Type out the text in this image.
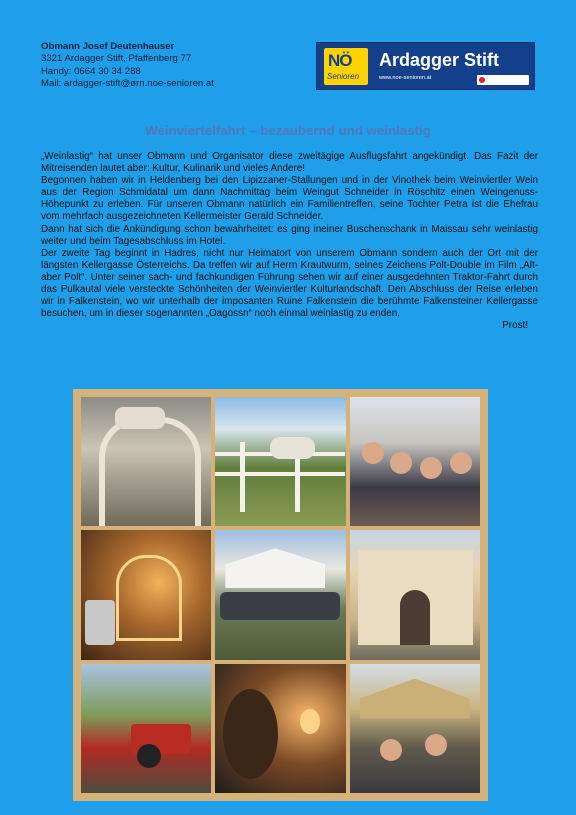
Obmann Josef Deutenhauser
3321 Ardagger Stift, Pfaffenberg 77
Handy: 0664 30 34 288
Mail: ardagger-stift@ørn.noe-senioren.at
NÖ
Senioren
Ardagger Stift
www.noe-senioren.at
Weinviertelfahrt – bezaubernd und weinlastig

„Weinlastig“ hat unser Obmann und Organisator diese zweitägige Ausflugsfahrt angekündigt. Das Fazit der Mitreisenden lautet aber: Kultur, Kulinarik und vieles Andere!

Begonnen haben wir in Heldenberg bei den Lipizzaner-Stallungen und in der Vinothek beim Weinviertler Wein aus der Region Schmidatal um dann Nachmittag beim Weingut Schneider in Röschitz einen Weingenuss-Höhepunkt zu erleben. Für unseren Obmann natürlich ein Familientreffen, seine Tochter Petra ist die Ehefrau vom mehrfach ausgezeichneten Kellermeister Gerald Schneider.

Dann hat sich die Ankündigung schon bewahrheitet: es ging ineiner Buschenschank in Maissau sehr weinlastig weiter und beim Tagesabschluss im Hotel.

Der zweite Tag beginnt in Hadres, nicht nur Heimatort von unserem Obmann sondern auch der Ort mit der längsten Kellergasse Österreichs. Da treffen wir auf Herrn Krautwurm, seines Zeichens Polt-Double im Film „Alt- aber Polt“. Unter seiner sach- und fachkundigen Führung sehen wir auf einer ausgedehnten Traktor-Fahrt durch das Pulkautal viele versteckte Schönheiten der Weinviertler Kulturlandschaft. Den Abschluss der Reise erleben wir in Falkenstein, wo wir unterhalb der imposanten Ruine Falkenstein die berühmte Falkensteiner Kellergasse besuchen, um in dieser sogenannten „Oagossn“ noch einmal weinlastig zu enden.

Prost!
